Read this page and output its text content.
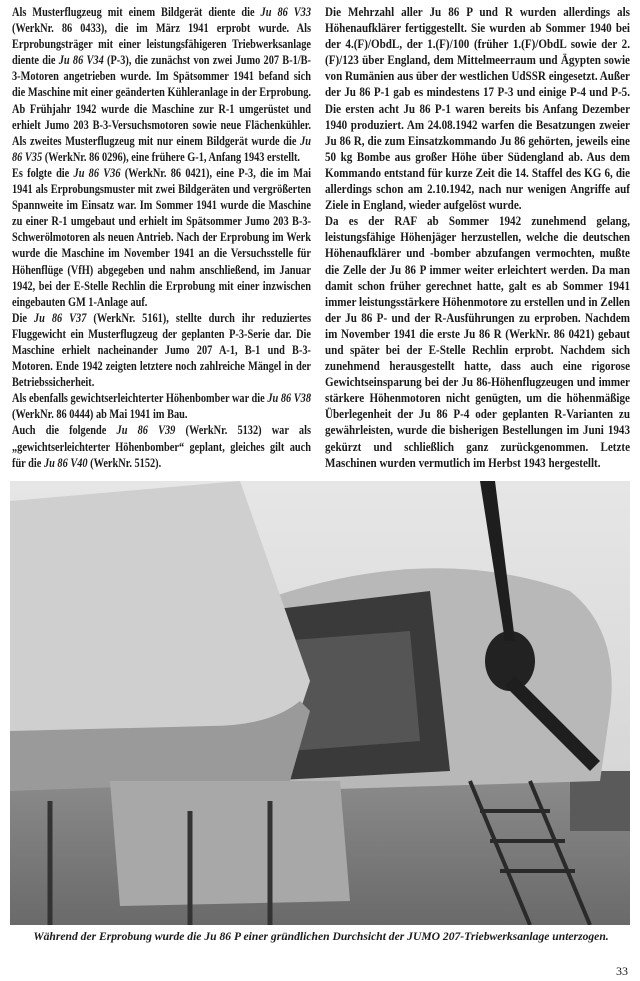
Als Musterflugzeug mit einem Bildgerät diente die Ju 86 V33 (WerkNr. 86 0433), die im März 1941 erprobt wurde. Als Erprobungsträger mit einer leistungsfähigeren Triebwerksanlage diente die Ju 86 V34 (P-3), die zunächst von zwei Jumo 207 B-1/B-3-Motoren angetrieben wurde. Im Spätsommer 1941 befand sich die Maschine mit einer geänderten Kühleranlage in der Erprobung. Ab Frühjahr 1942 wurde die Maschine zur R-1 umgerüstet und erhielt Jumo 203 B-3-Versuchsmotoren sowie neue Flächenkühler. Als zweites Musterflugzeug mit nur einem Bildgerät wurde die Ju 86 V35 (WerkNr. 86 0296), eine frühere G-1, Anfang 1943 erstellt.

Es folgte die Ju 86 V36 (WerkNr. 86 0421), eine P-3, die im Mai 1941 als Erprobungsmuster mit zwei Bildgeräten und vergrößerten Spannweite im Einsatz war. Im Sommer 1941 wurde die Maschine zu einer R-1 umgebaut und erhielt im Spätsommer Jumo 203 B-3-Schwerölmotoren als neuen Antrieb. Nach der Erprobung im Werk wurde die Maschine im November 1941 an die Versuchsstelle für Höhenflüge (VfH) abgegeben und nahm anschließend, im Januar 1942, bei der E-Stelle Rechlin die Erprobung mit einer inzwischen eingebauten GM 1-Anlage auf.

Die Ju 86 V37 (WerkNr. 5161), stellte durch ihr reduziertes Fluggewicht ein Musterflugzeug der geplanten P-3-Serie dar. Die Maschine erhielt nacheinander Jumo 207 A-1, B-1 und B-3-Motoren. Ende 1942 zeigten letztere noch zahlreiche Mängel in der Betriebssicherheit.

Als ebenfalls gewichtserleichterter Höhenbomber war die Ju 86 V38 (WerkNr. 86 0444) ab Mai 1941 im Bau.

Auch die folgende Ju 86 V39 (WerkNr. 5132) war als „gewichtserleichterter Höhenbomber“ geplant, gleiches gilt auch für die Ju 86 V40 (WerkNr. 5152).

Die Mehrzahl aller Ju 86 P und R wurden allerdings als Höhenaufklärer fertiggestellt. Sie wurden ab Sommer 1940 bei der 4.(F)/ObdL, der 1.(F)/100 (früher 1.(F)/ObdL sowie der 2.(F)/123 über England, dem Mittelmeerraum und Ägypten sowie von Rumänien aus über der westlichen UdSSR eingesetzt. Außer der Ju 86 P-1 gab es mindestens 17 P-3 und einige P-4 und P-5. Die ersten acht Ju 86 P-1 waren bereits bis Anfang Dezember 1940 produziert. Am 24.08.1942 warfen die Besatzungen zweier Ju 86 R, die zum Einsatzkommando Ju 86 gehörten, jeweils eine 50 kg Bombe aus großer Höhe über Südengland ab. Aus dem Kommando entstand für kurze Zeit die 14. Staffel des KG 6, die allerdings schon am 2.10.1942, nach nur wenigen Angriffe auf Ziele in England, wieder aufgelöst wurde.

Da es der RAF ab Sommer 1942 zunehmend gelang, leistungsfähige Höhenjäger herzustellen, welche die deutschen Höhenaufklärer und -bomber abzufangen vermochten, mußte die Zelle der Ju 86 P immer weiter erleichtert werden. Da man damit schon früher gerechnet hatte, galt es ab Sommer 1941 immer leistungsstärkere Höhenmotore zu erstellen und in Zellen der Ju 86 P- und der R-Ausführungen zu erproben. Nachdem im November 1941 die erste Ju 86 R (WerkNr. 86 0421) gebaut und später bei der E-Stelle Rechlin erprobt. Nachdem sich zunehmend herausgestellt hatte, dass auch eine rigorose Gewichtseinsparung bei der Ju 86-Höhenflugzeugen und immer stärkere Höhenmotoren nicht genügten, um die höhenmäßige Überlegenheit der Ju 86 P-4 oder geplanten R-Varianten zu gewährleisten, wurde die bisherigen Bestellungen im Juni 1943 gekürzt und schließlich ganz zurückgenommen. Letzte Maschinen wurden vermutlich im Herbst 1943 hergestellt.

Während der Erprobung wurde die Ju 86 P einer gründlichen Durchsicht der JUMO 207-Triebwerksanlage unterzogen.
33
